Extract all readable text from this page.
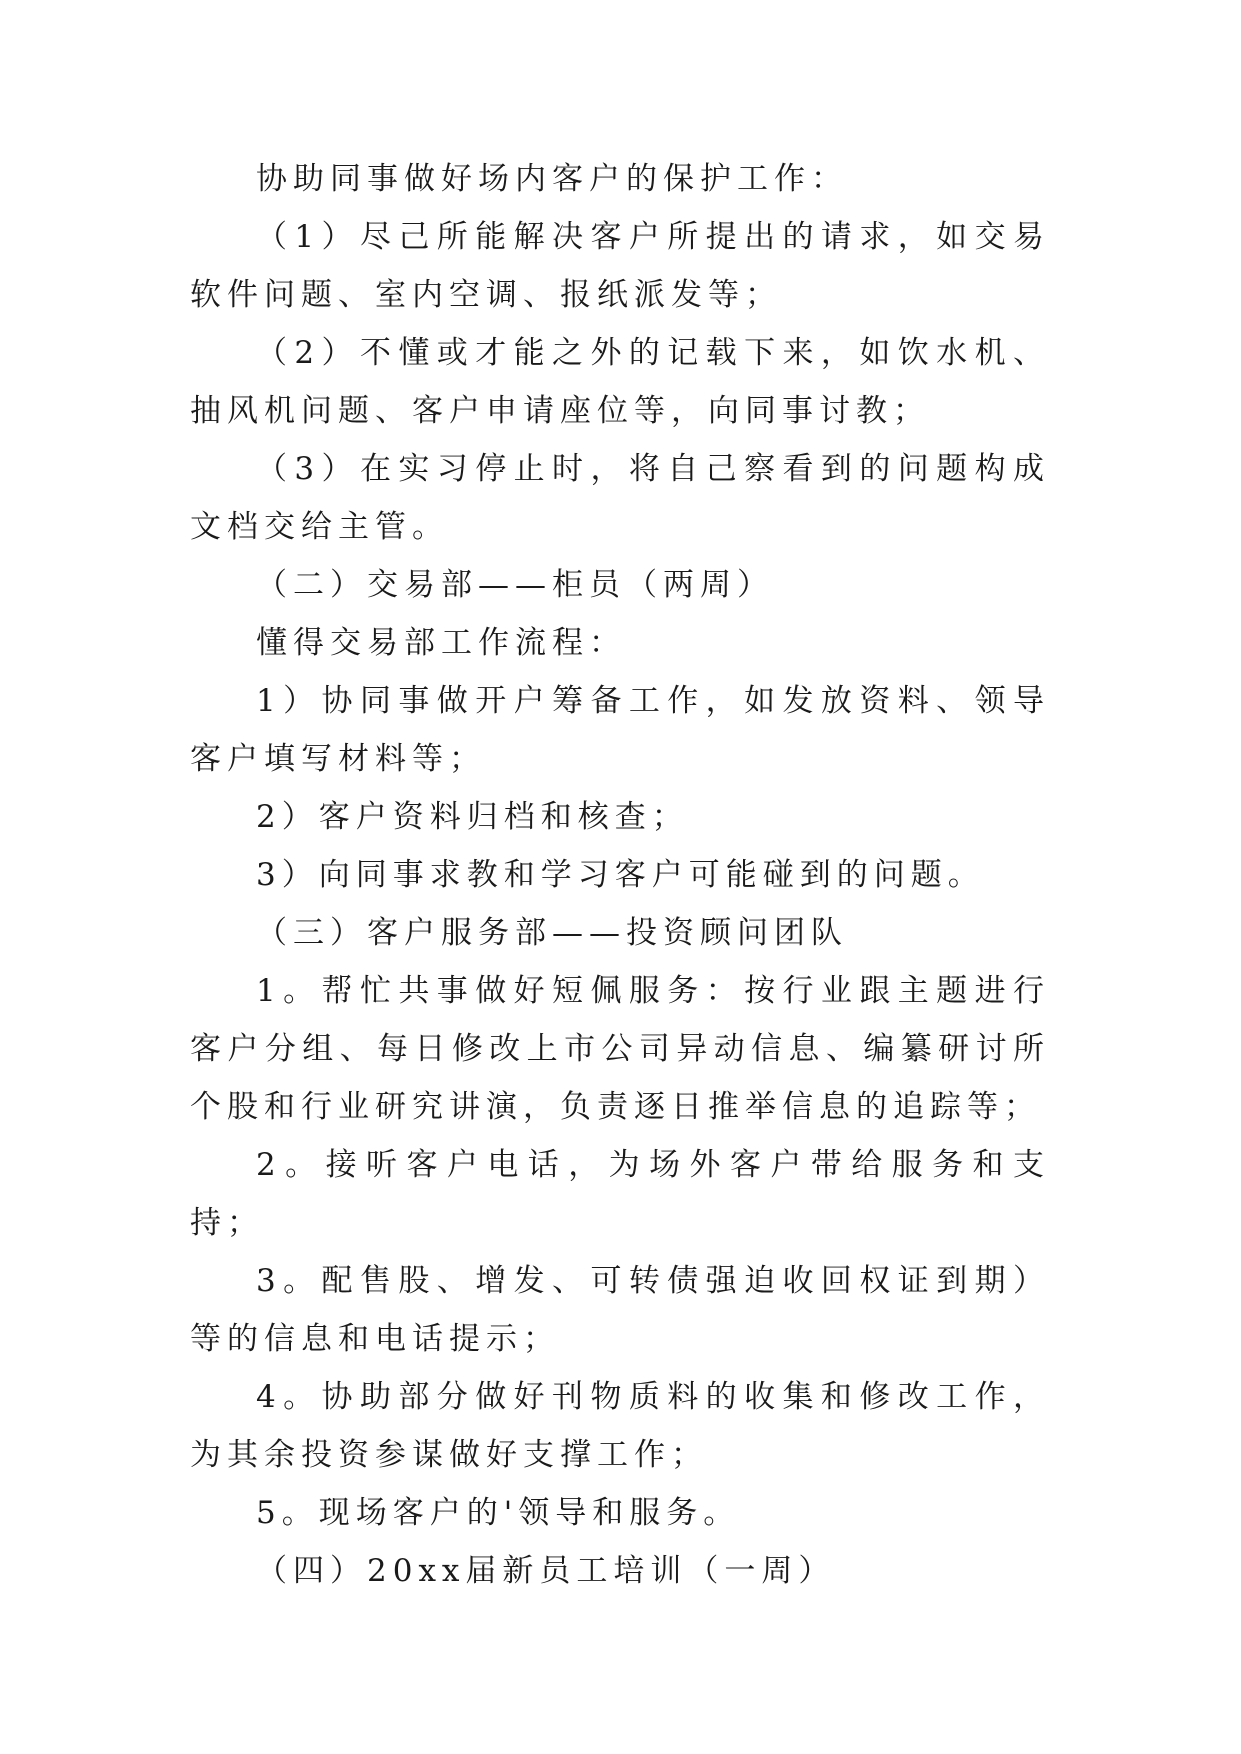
协助同事做好场内客户的保护工作：

（1）尽己所能解决客户所提出的请求，如交易软件问题、室内空调、报纸派发等；

（2）不懂或才能之外的记载下来，如饮水机、抽风机问题、客户申请座位等，向同事讨教；

（3）在实习停止时，将自己察看到的问题构成文档交给主管。

（二）交易部——柜员（两周）

懂得交易部工作流程：

1）协同事做开户筹备工作，如发放资料、领导客户填写材料等；

2）客户资料归档和核查；

3）向同事求教和学习客户可能碰到的问题。

（三）客户服务部——投资顾问团队

1。帮忙共事做好短佩服务：按行业跟主题进行客户分组、每日修改上市公司异动信息、编纂研讨所个股和行业研究讲演，负责逐日推举信息的追踪等；

2。接听客户电话，为场外客户带给服务和支持；

3。配售股、增发、可转债强迫收回权证到期）等的信息和电话提示；

4。协助部分做好刊物质料的收集和修改工作，为其余投资参谋做好支撑工作；

5。现场客户的'领导和服务。

（四）20xx届新员工培训（一周）
